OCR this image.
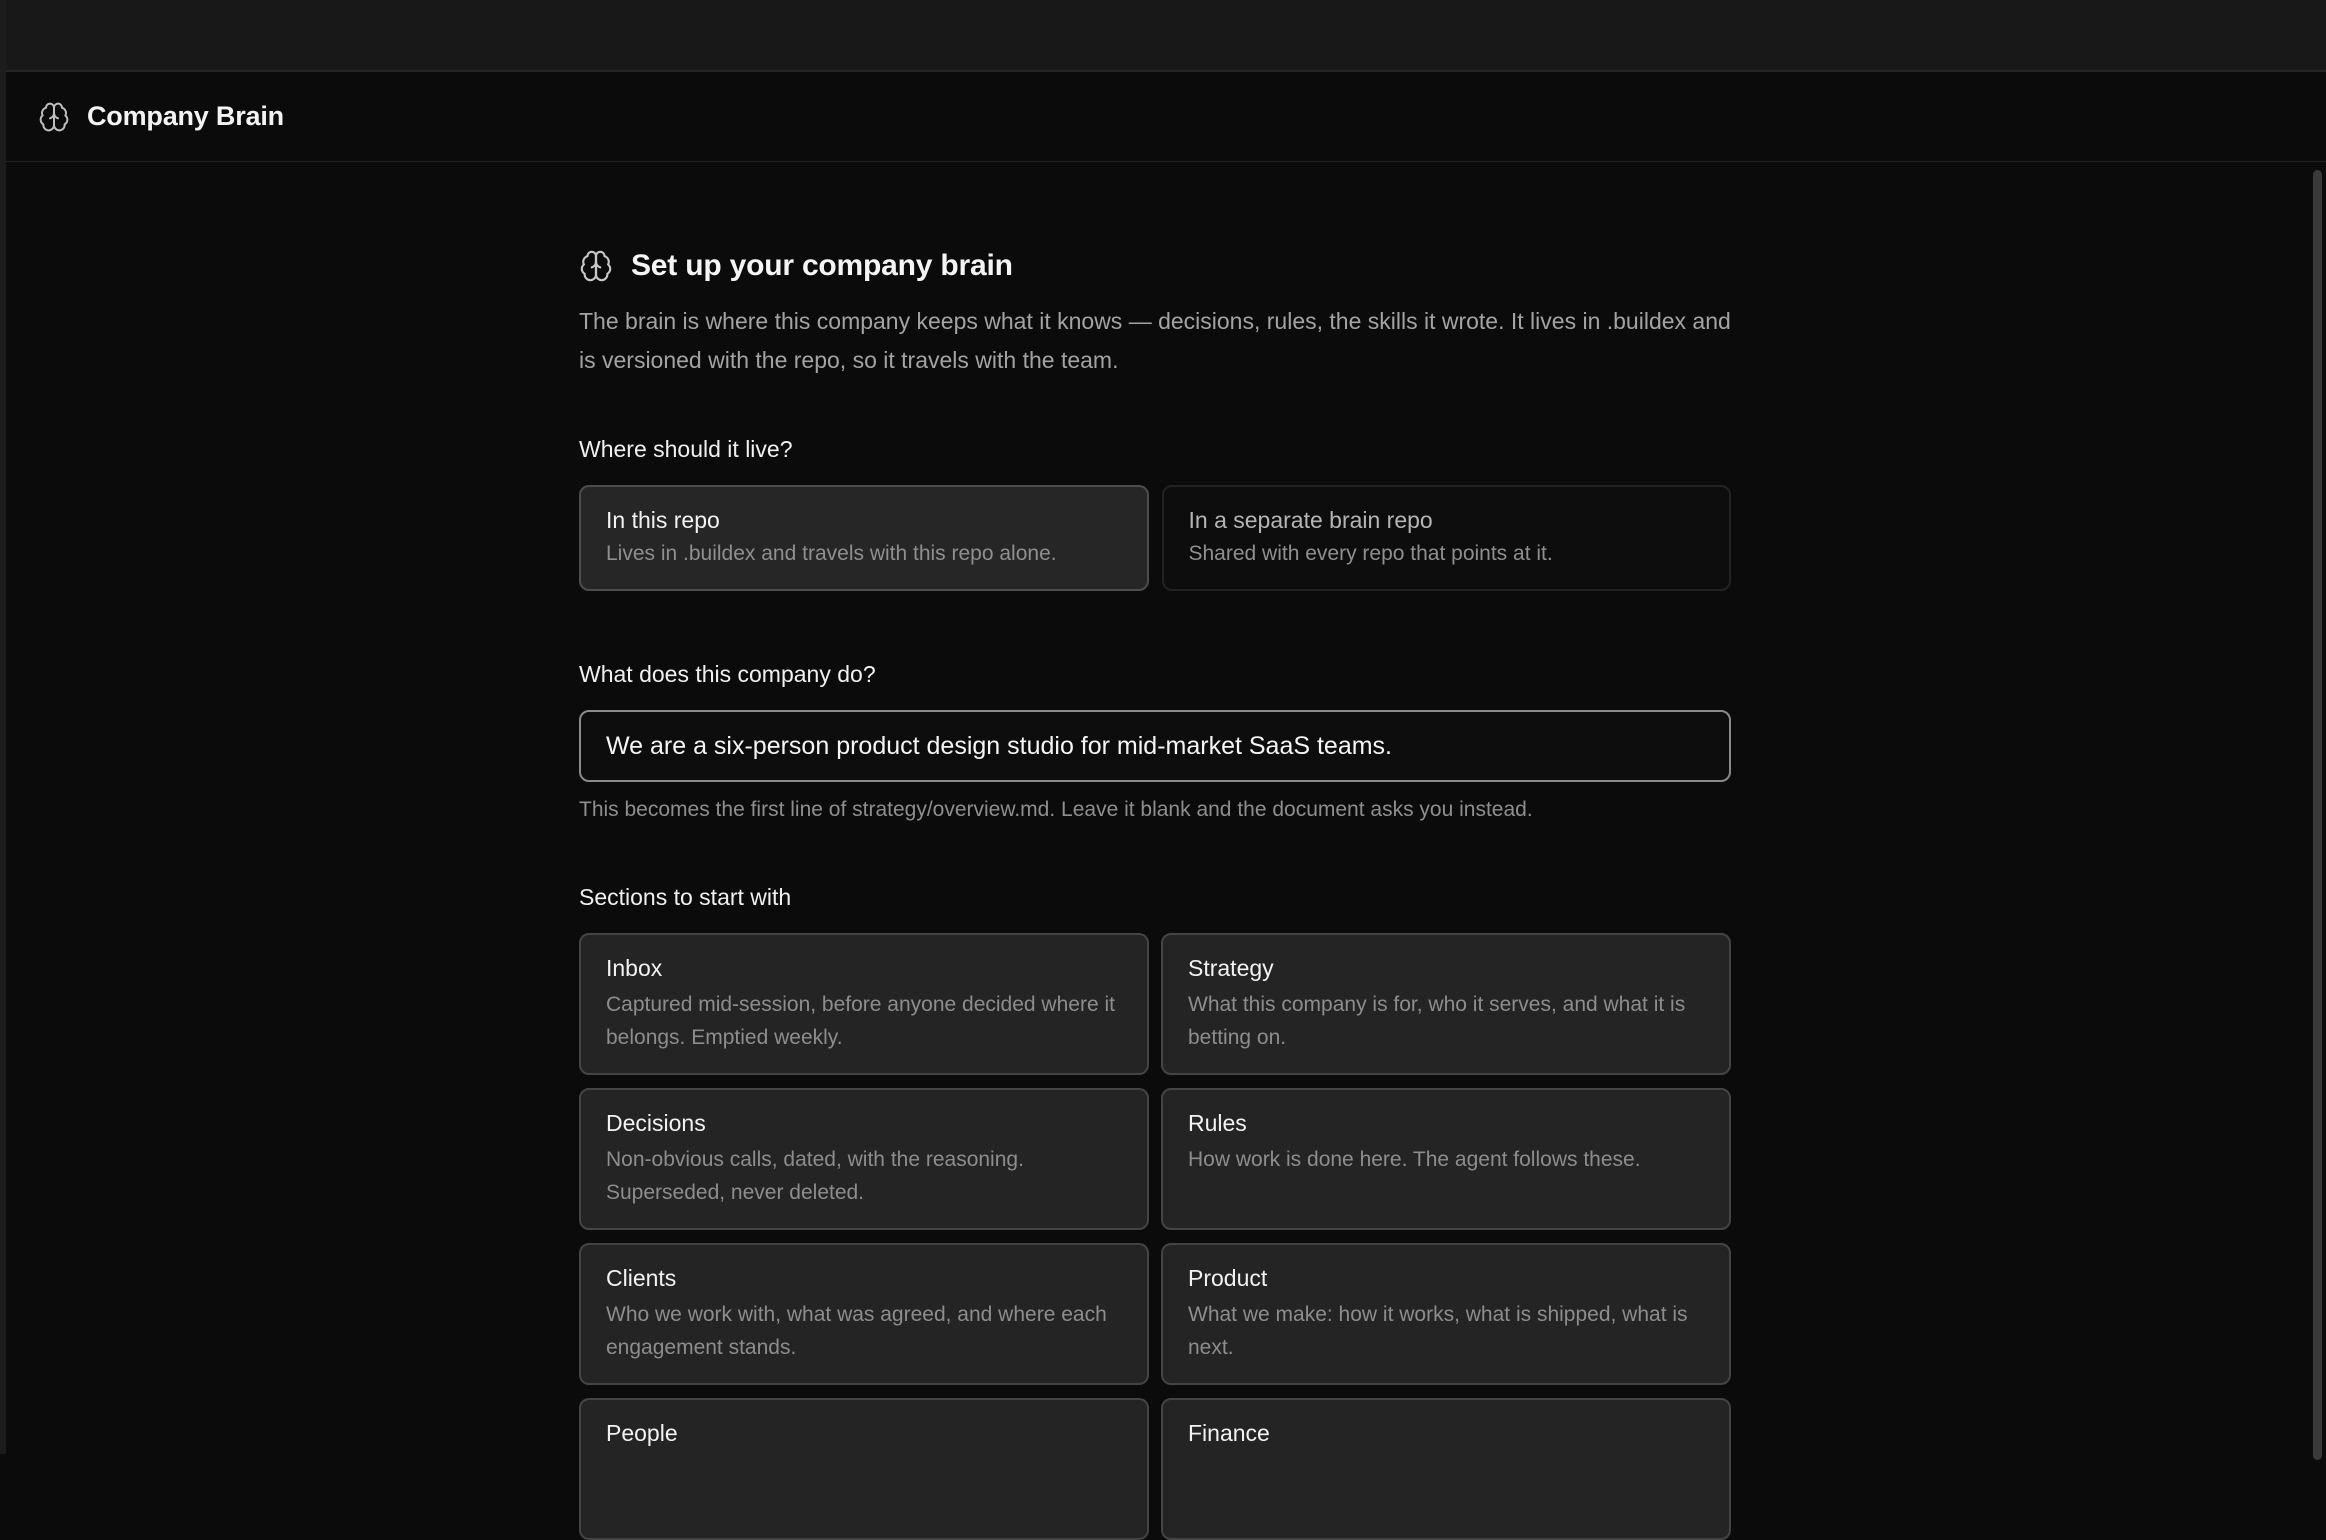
Company Brain
Set up your company brain

The brain is where this company keeps what it knows — decisions, rules, the skills it wrote. It lives in .buildex and is versioned with the repo, so it travels with the team.

Where should it live?
In this repo
Lives in .buildex and travels with this repo alone.
In a separate brain repo
Shared with every repo that points at it.
What does this company do?
We are a six-person product design studio for mid-market SaaS teams.
This becomes the first line of strategy/overview.md. Leave it blank and the document asks you instead.
Sections to start with
Inbox
Captured mid-session, before anyone decided where it belongs. Emptied weekly.
Strategy
What this company is for, who it serves, and what it is betting on.
Decisions
Non-obvious calls, dated, with the reasoning. Superseded, never deleted.
Rules
How work is done here. The agent follows these.
Clients
Who we work with, what was agreed, and where each engagement stands.
Product
What we make: how it works, what is shipped, what is next.
People	Finance
